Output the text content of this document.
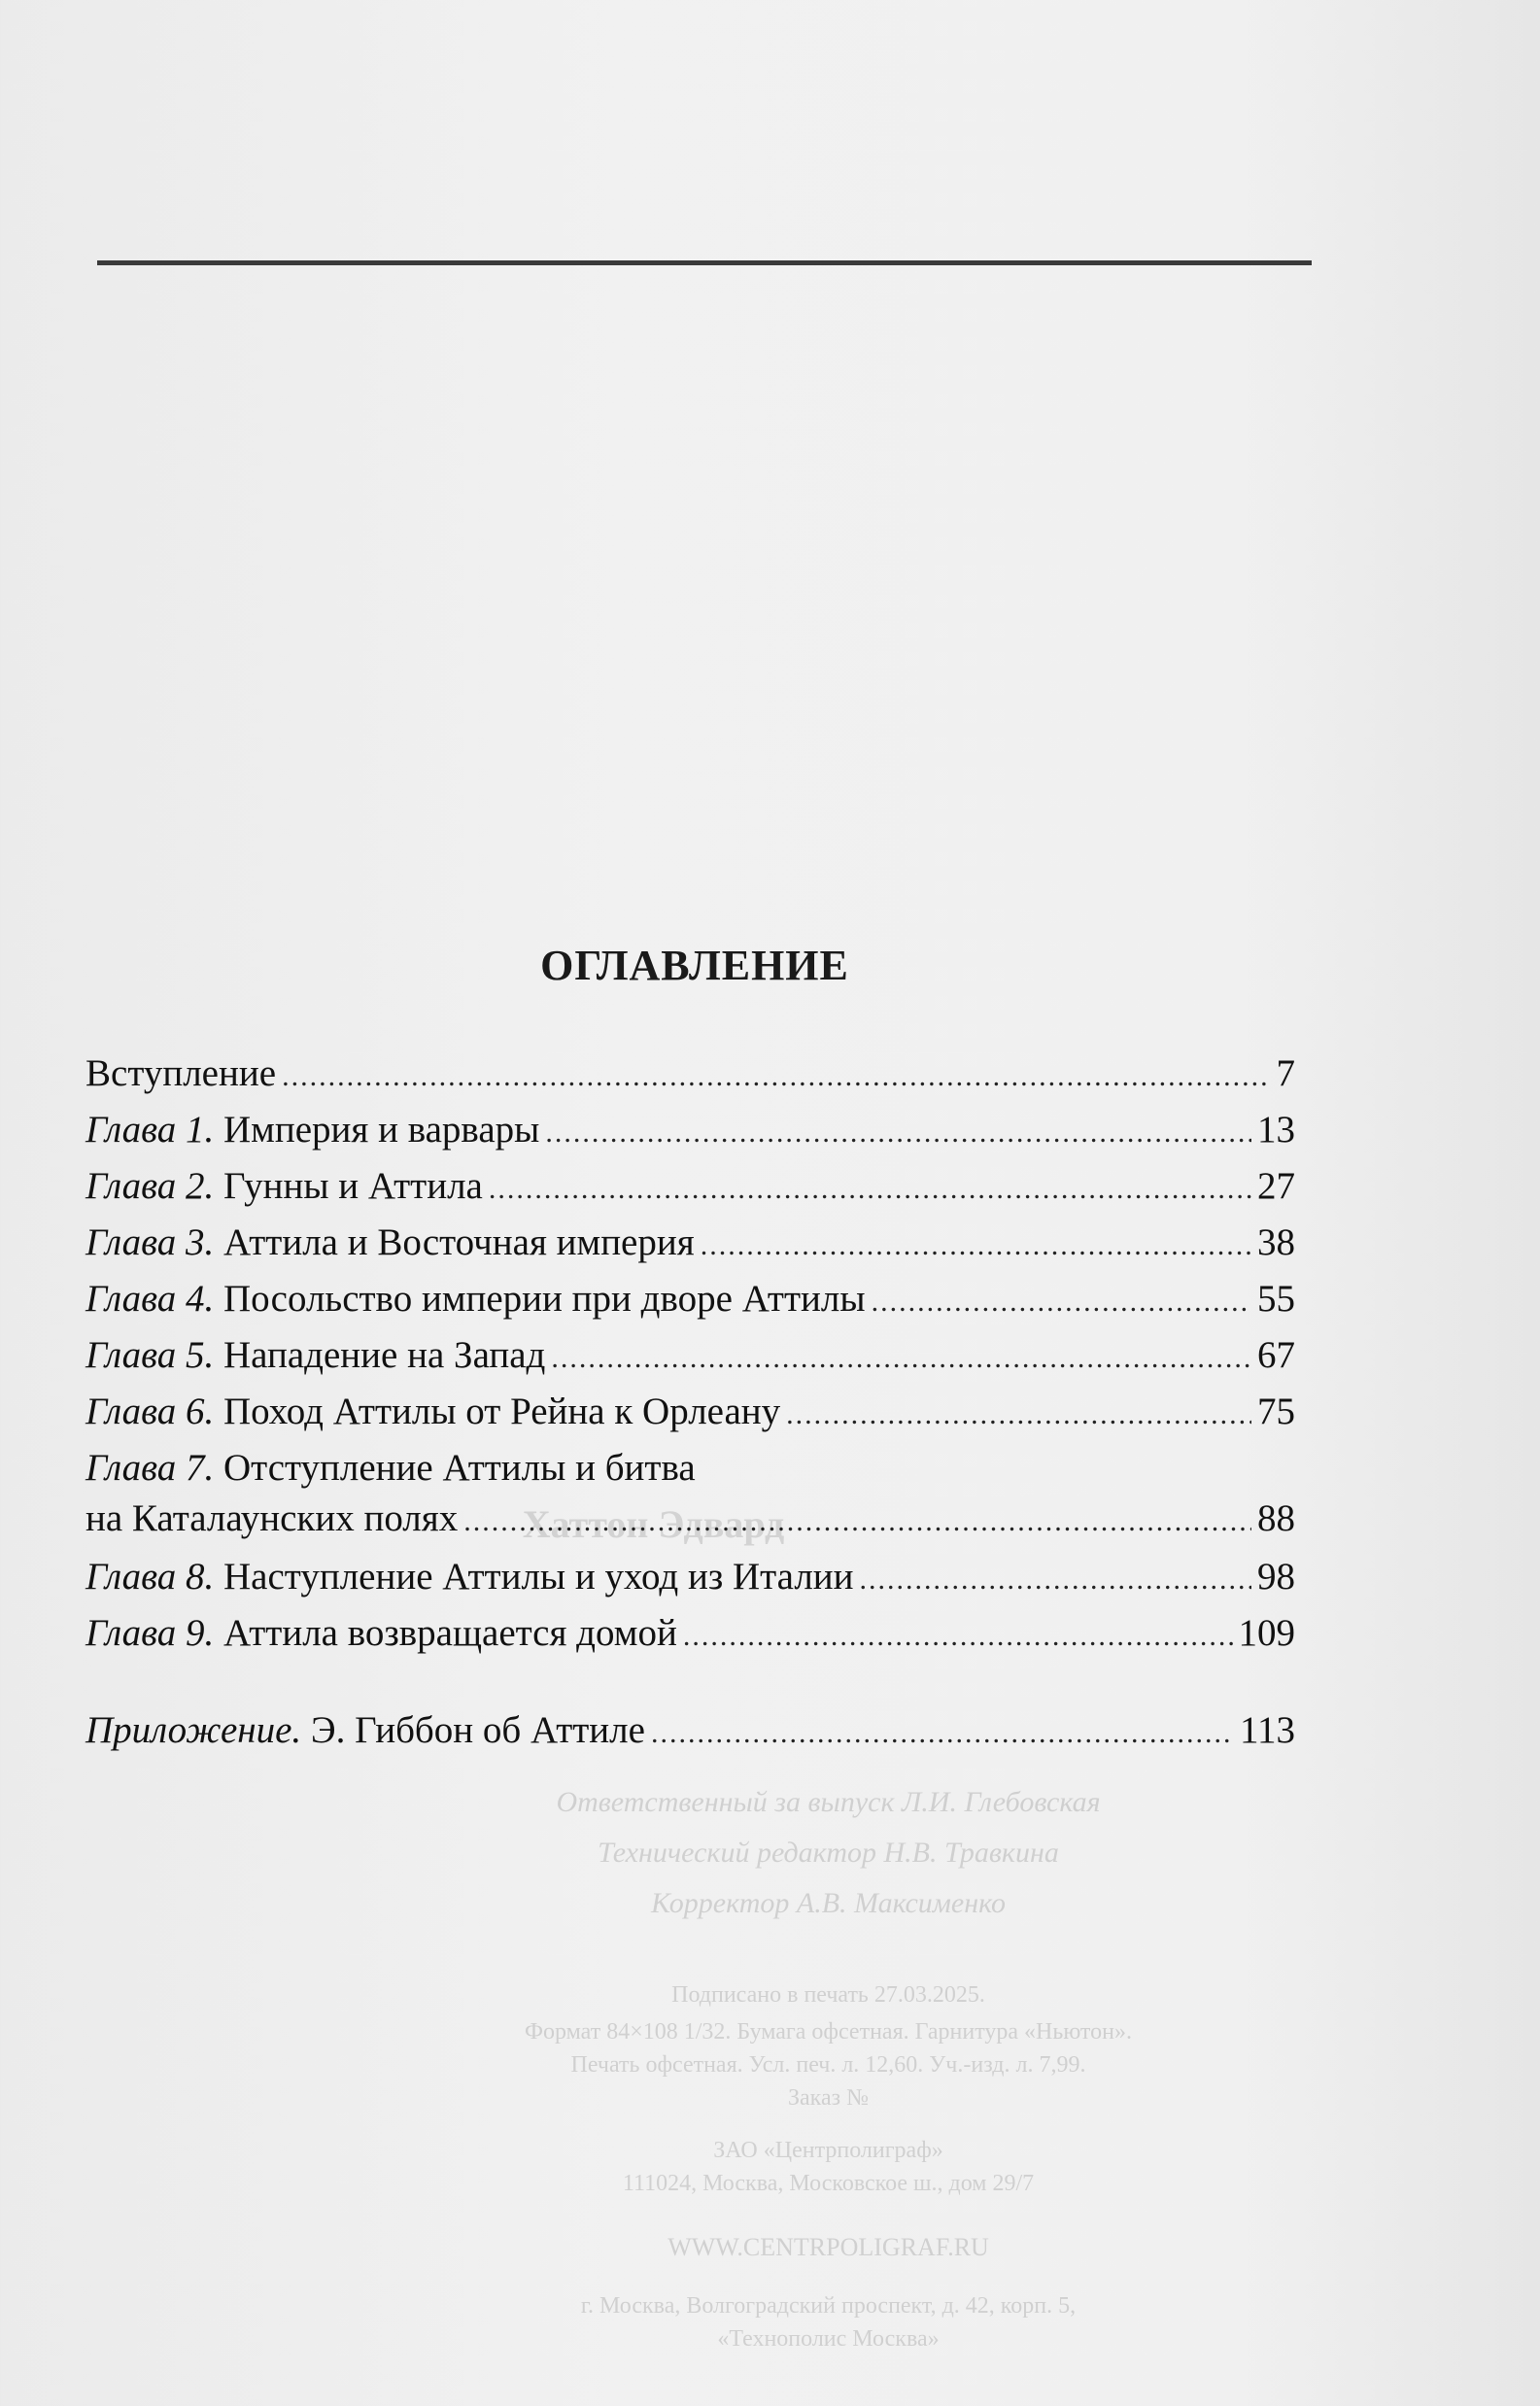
Хаттон Эдвард
Ответственный за выпуск Л.И. Глебовская
Технический редактор Н.В. Травкина
Корректор А.В. Максименко
Подписано в печать 27.03.2025.
Формат 84×108 1/32. Бумага офсетная. Гарнитура «Ньютон».
Печать офсетная. Усл. печ. л. 12,60. Уч.-изд. л. 7,99.
Заказ №
ЗАО «Центрполиграф»
111024, Москва, Московское ш., дом 29/7
WWW.CENTRPOLIGRAF.RU
г. Москва, Волгоградский проспект, д. 42, корп. 5,
«Технополис Москва»
ОГЛАВЛЕНИЕ
Вступление .....	7
Глава 1. Империя и варвары .....	13
Глава 2. Гунны и Аттила .....	27
Глава 3. Аттила и Восточная империя .....	38
Глава 4. Посольство империи при дворе Аттилы .....	55
Глава 5. Нападение на Запад .....	67
Глава 6. Поход Аттилы от Рейна к Орлеану .....	75
Глава 7. Отступление Аттилы и битва
на Каталаунских полях .....	88
Глава 8. Наступление Аттилы и уход из Италии .....	98
Глава 9. Аттила возвращается домой .....	109
Приложение. Э. Гиббон об Аттиле .....	113
